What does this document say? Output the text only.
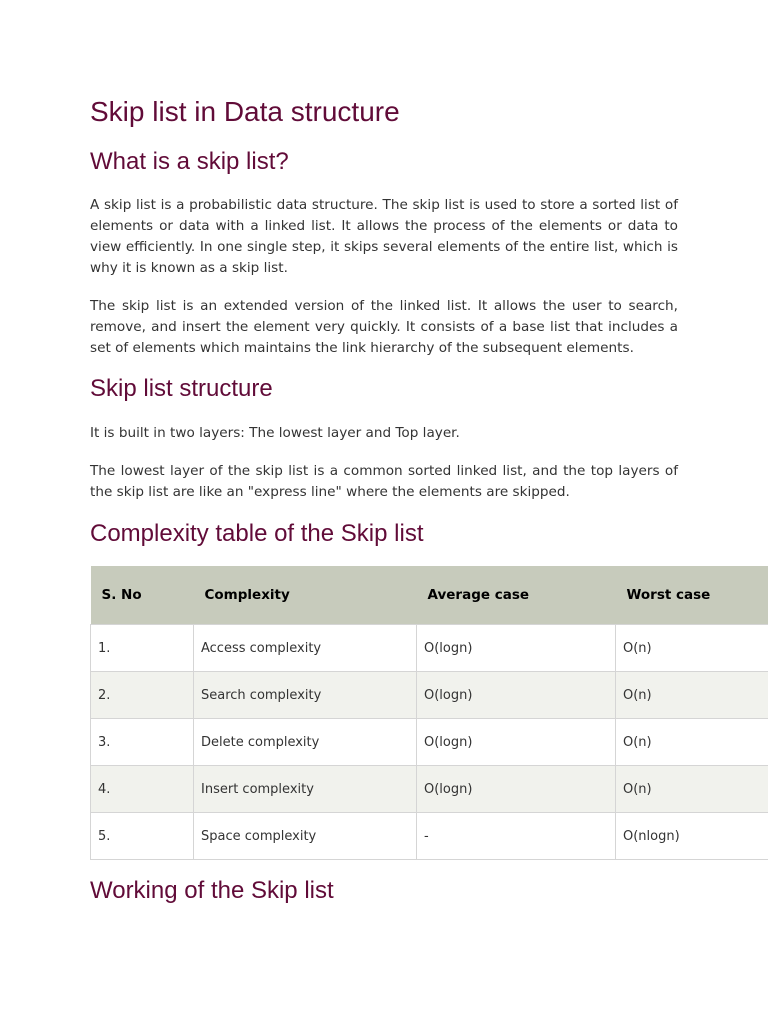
Skip list in Data structure
What is a skip list?

A skip list is a probabilistic data structure. The skip list is used to store a sorted list of elements or data with a linked list. It allows the process of the elements or data to view efficiently. In one single step, it skips several elements of the entire list, which is why it is known as a skip list.

The skip list is an extended version of the linked list. It allows the user to search, remove, and insert the element very quickly. It consists of a base list that includes a set of elements which maintains the link hierarchy of the subsequent elements.

Skip list structure

It is built in two layers: The lowest layer and Top layer.

The lowest layer of the skip list is a common sorted linked list, and the top layers of the skip list are like an "express line" where the elements are skipped.

Complexity table of the Skip list
S. No	Complexity	Average case	Worst case
1.	Access complexity	O(logn)	O(n)
2.	Search complexity	O(logn)	O(n)
3.	Delete complexity	O(logn)	O(n)
4.	Insert complexity	O(logn)	O(n)
5.	Space complexity	-	O(nlogn)
Working of the Skip list
